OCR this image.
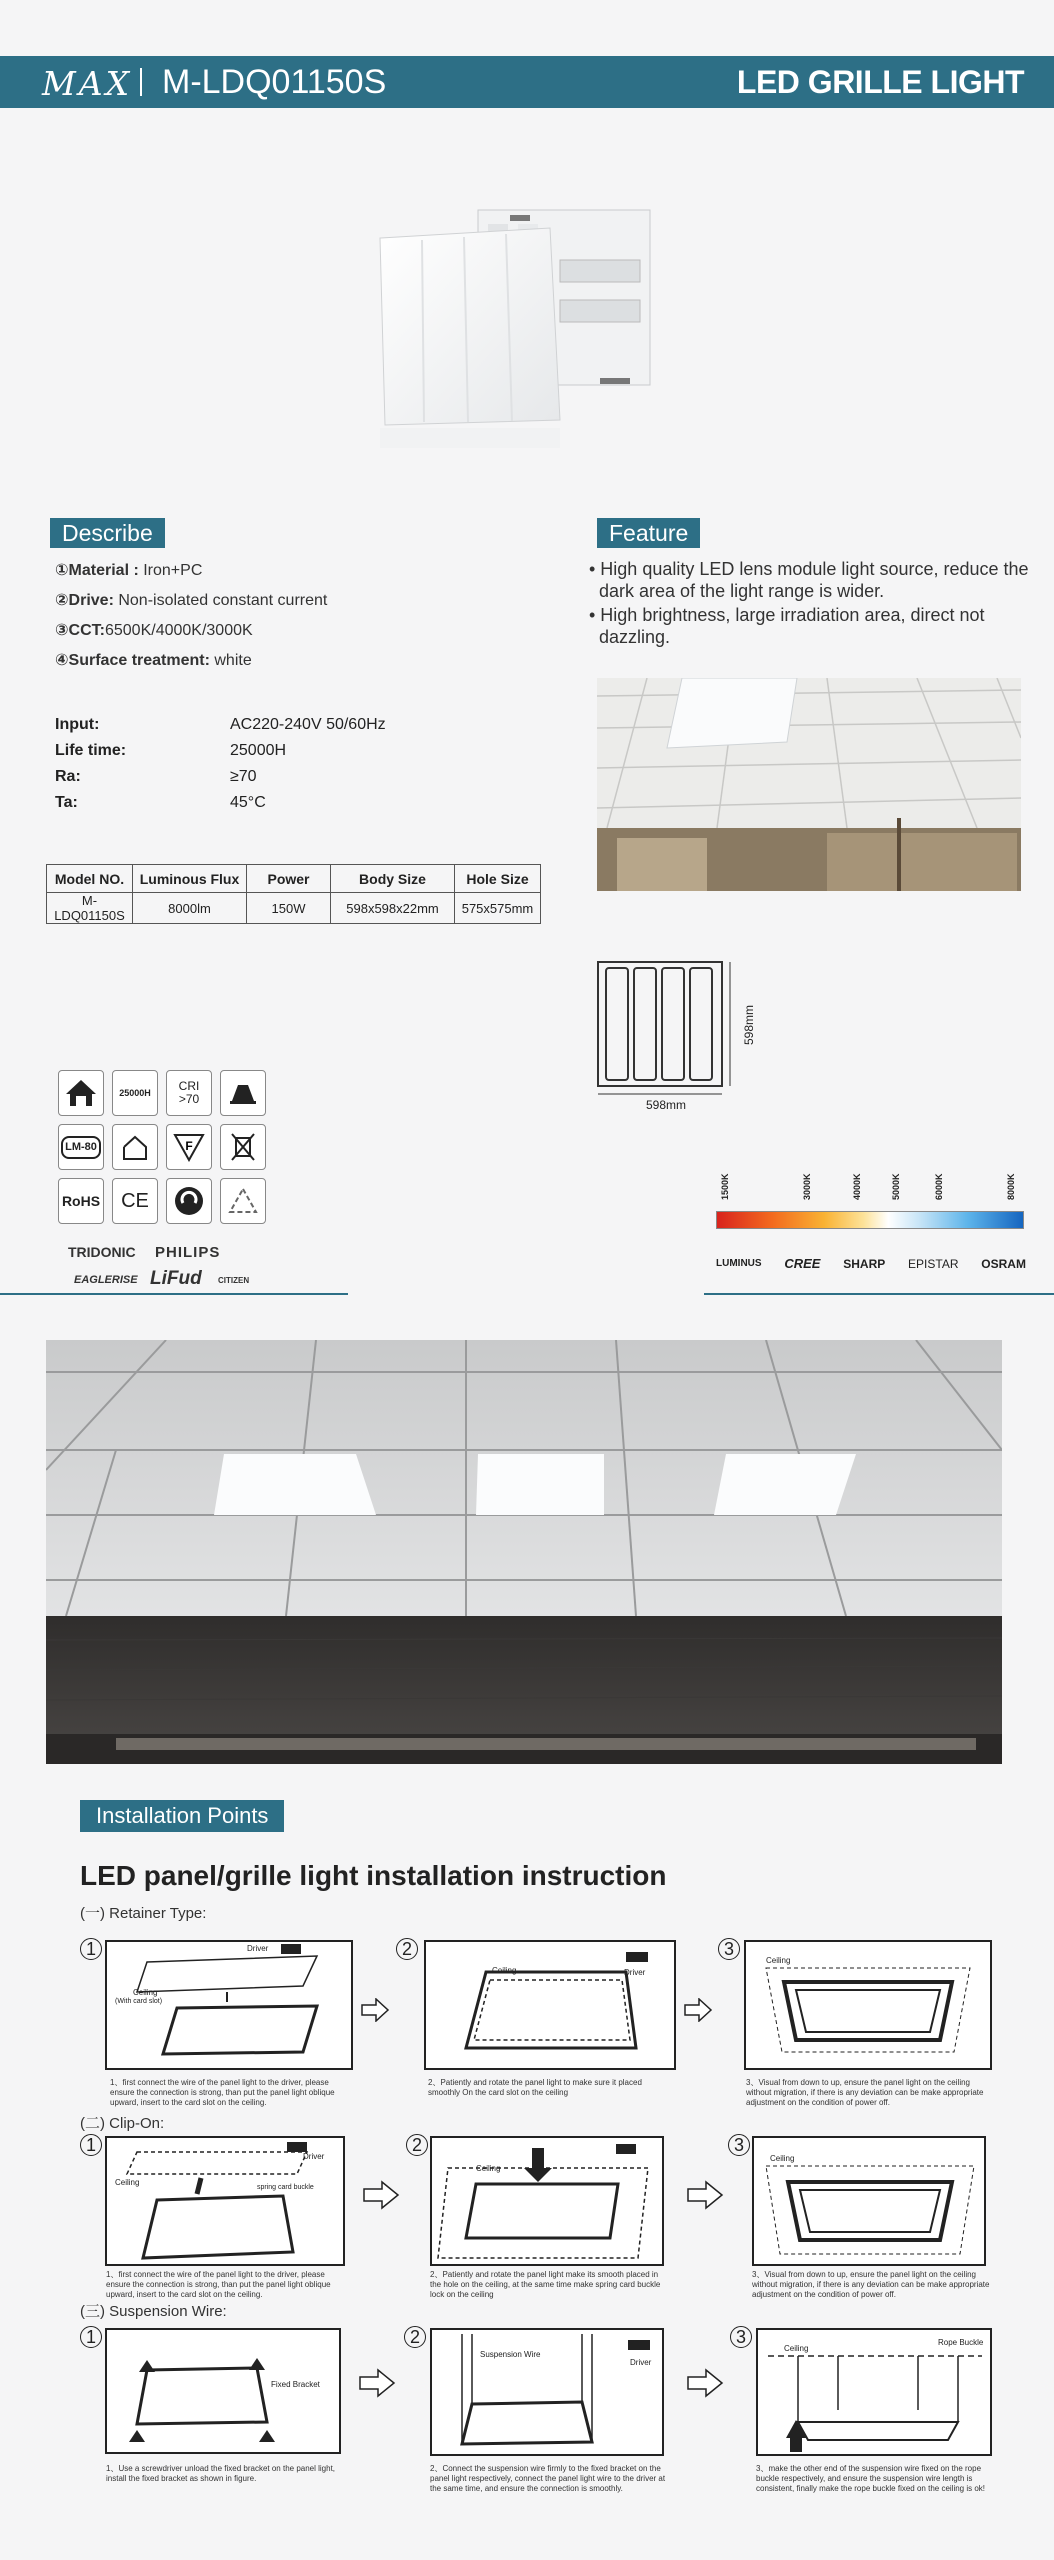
MAX M-LDQ01150S	LED GRILLE LIGHT
Describe
①Material : Iron+PC
②Drive: Non-isolated constant current
③CCT:6500K/4000K/3000K
④Surface treatment: white
Input:	AC220-240V 50/60Hz
Life time:	25000H
Ra:	≥70
Ta:	45°C
Model NO.	Luminous Flux	Power	Body Size	Hole Size
M-LDQ01150S	8000lm	150W	598x598x22mm	575x575mm
Feature
• High quality LED lens module light source, reduce the dark area of the light range is wider.
• High brightness, large irradiation area, direct not dazzling.
598mm
598mm
25000H	CRI >70
LM-80	F
RoHS CE
TRIDONIC PHILIPS
EAGLERISE LiFud CITIZEN
1500K	3000K	4000K	5000K	6000K	8000K
LUMINUS CREE SHARP EPISTAR OSRAM
Installation Points
LED panel/grille light installation instruction
(一) Retainer Type:
1	Driver
Ceiling
(With card slot)
1、first connect the wire of the panel light to the driver, please ensure the connection is strong, than put the panel light oblique upward, insert to the card slot on the ceiling.
2
Ceiling	Driver
2、Patiently and rotate the panel light to make sure it placed smoothly On the card slot on the ceiling
3
Ceiling
3、Visual from down to up, ensure the panel light on the ceiling without migration, if there is any deviation can be make appropriate adjustment on the condition of power off.
(二) Clip-On:
1
Driver
Ceiling
spring card buckle
1、first connect the wire of the panel light to the driver, please ensure the connection is strong, than put the panel light oblique upward, insert to the card slot on the ceiling.
2
Ceiling
2、Patiently and rotate the panel light make its smooth placed in the hole on the ceiling, at the same time make spring card buckle lock on the ceiling
3
Ceiling
3、Visual from down to up, ensure the panel light on the ceiling without migration, if there is any deviation can be make appropriate adjustment on the condition of power off.
(三) Suspension Wire:
1
Fixed Bracket
1、Use a screwdriver unload the fixed bracket on the panel light, install the fixed bracket as shown in figure.
2
Suspension Wire
Driver
2、Connect the suspension wire firmly to the fixed bracket on the panel light respectively, connect the panel light wire to the driver at the same time, and ensure the connection is smoothly.
3
Ceiling
Rope Buckle
3、make the other end of the suspension wire fixed on the rope buckle respectively, and ensure the suspension wire length is consistent, finally make the rope buckle fixed on the ceiling is ok!
